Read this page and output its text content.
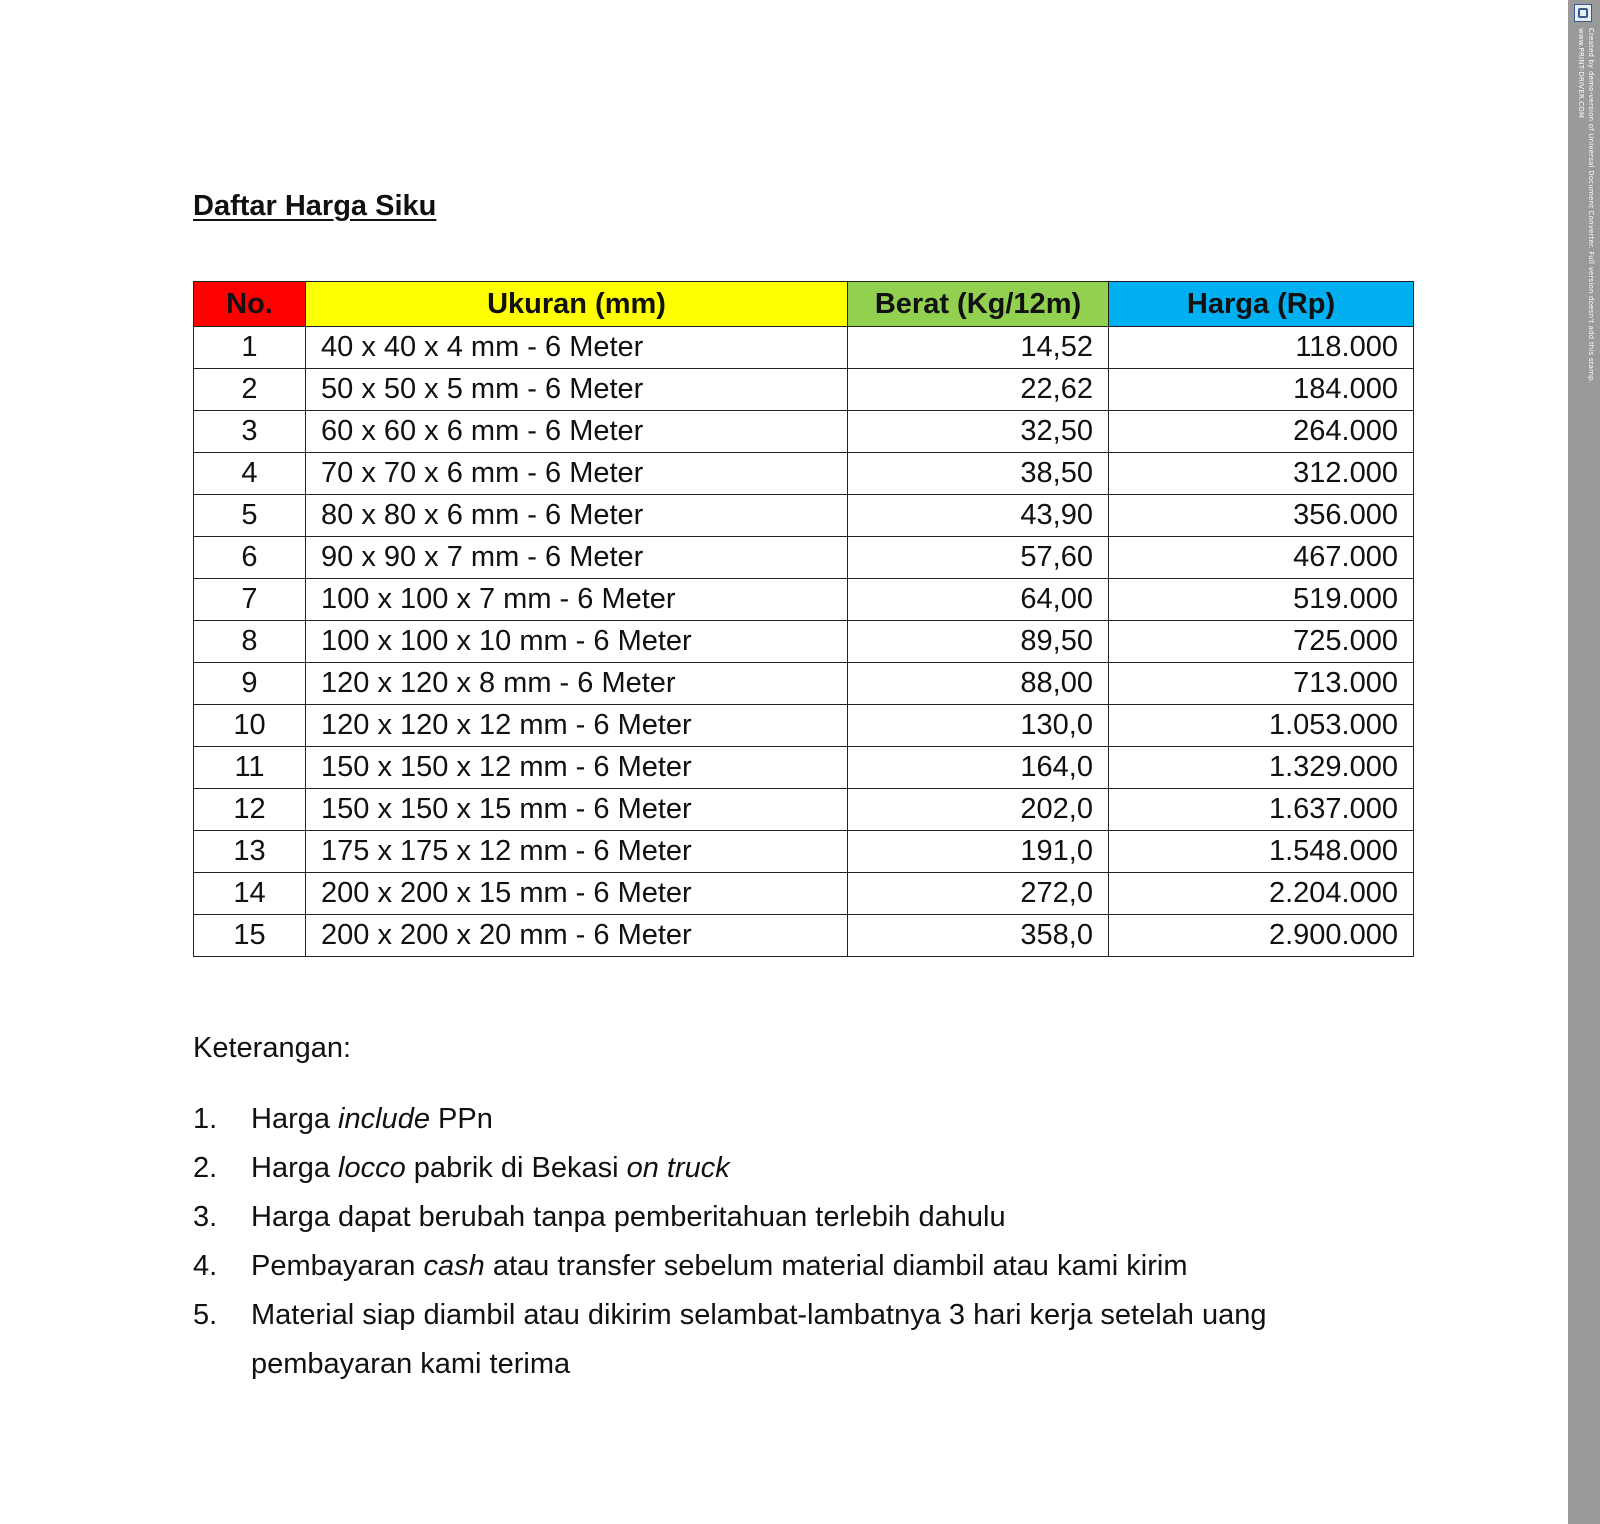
Daftar Harga Siku
No.	Ukuran (mm)	Berat (Kg/12m)	Harga (Rp)
1	40 x 40 x 4 mm - 6 Meter	14,52	118.000
2	50 x 50 x 5 mm - 6 Meter	22,62	184.000
3	60 x 60 x 6 mm - 6 Meter	32,50	264.000
4	70 x 70 x 6 mm - 6 Meter	38,50	312.000
5	80 x 80 x 6 mm - 6 Meter	43,90	356.000
6	90 x 90 x 7 mm - 6 Meter	57,60	467.000
7	100 x 100 x 7 mm - 6 Meter	64,00	519.000
8	100 x 100 x 10 mm - 6 Meter	89,50	725.000
9	120 x 120 x 8 mm - 6 Meter	88,00	713.000
10	120 x 120 x 12 mm - 6 Meter	130,0	1.053.000
11	150 x 150 x 12 mm - 6 Meter	164,0	1.329.000
12	150 x 150 x 15 mm - 6 Meter	202,0	1.637.000
13	175 x 175 x 12 mm - 6 Meter	191,0	1.548.000
14	200 x 200 x 15 mm - 6 Meter	272,0	2.204.000
15	200 x 200 x 20 mm - 6 Meter	358,0	2.900.000
Keterangan:
1. Harga include PPn
2. Harga locco pabrik di Bekasi on truck
3. Harga dapat berubah tanpa pemberitahuan terlebih dahulu
4. Pembayaran cash atau transfer sebelum material diambil atau kami kirim
5. Material siap diambil atau dikirim selambat-lambatnya 3 hari kerja setelah uang pembayaran kami terima
Created by demo-version of Universal Document Converter. Full version doesn't add this stamp. www.PRINT-DRIVER.COM
